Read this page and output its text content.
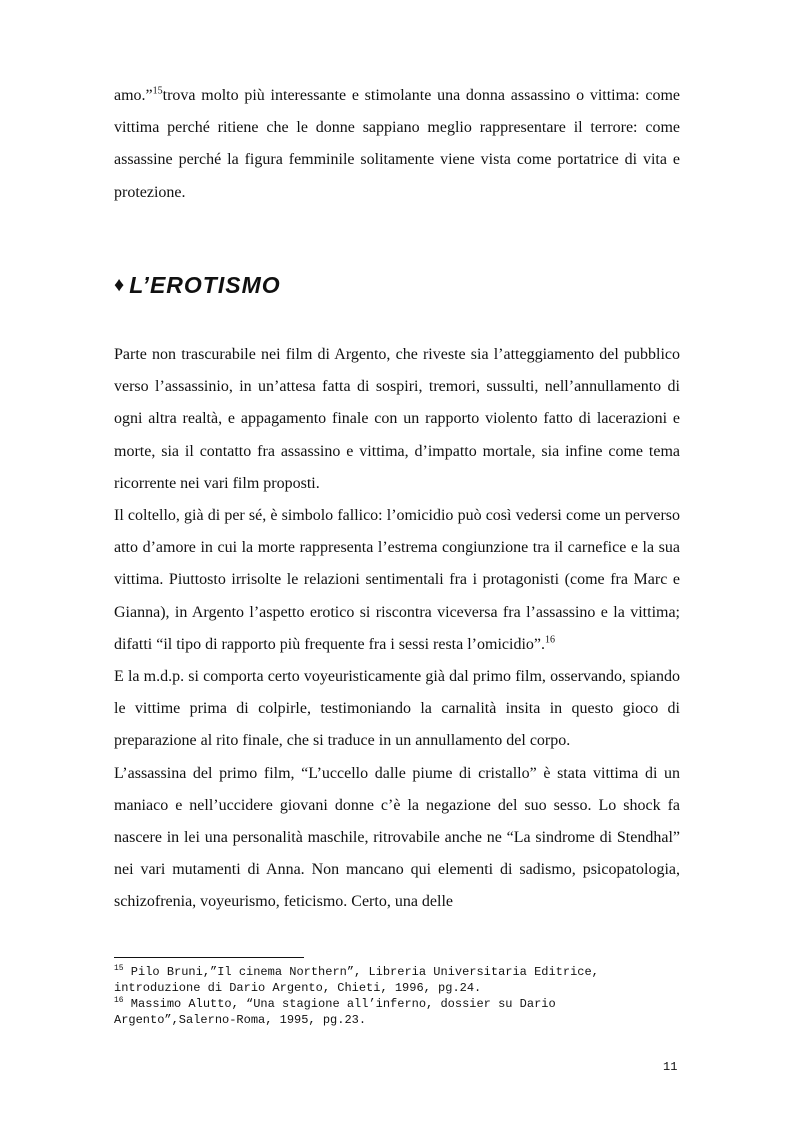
amo.”$^{15}$trova molto più interessante e stimolante una donna assassino o vittima: come vittima perché ritiene che le donne sappiano meglio rappresentare il terrore: come assassine perché la figura femminile solitamente viene vista come portatrice di vita e protezione.

♦ L’EROTISMO

Parte non trascurabile nei film di Argento, che riveste sia l’atteggiamento del pubblico verso l’assassinio, in un’attesa fatta di sospiri, tremori, sussulti, nell’annullamento di ogni altra realtà, e appagamento finale con un rapporto violento fatto di lacerazioni e morte, sia il contatto fra assassino e vittima, d’impatto mortale, sia infine come tema ricorrente nei vari film proposti.

Il coltello, già di per sé, è simbolo fallico: l’omicidio può così vedersi come un perverso atto d’amore in cui la morte rappresenta l’estrema congiunzione tra il carnefice e la sua vittima. Piuttosto irrisolte le relazioni sentimentali fra i protagonisti (come fra Marc e Gianna), in Argento l’aspetto erotico si riscontra viceversa fra l’assassino e la vittima; difatti “il tipo di rapporto più frequente fra i sessi resta l’omicidio”.$^{16}$

E la m.d.p. si comporta certo voyeuristicamente già dal primo film, osservando, spiando le vittime prima di colpirle, testimoniando la carnalità insita in questo gioco di preparazione al rito finale, che si traduce in un annullamento del corpo.

L’assassina del primo film, “L’uccello dalle piume di cristallo” è stata vittima di un maniaco e nell’uccidere giovani donne c’è la negazione del suo sesso. Lo shock fa nascere in lei una personalità maschile, ritrovabile anche ne “La sindrome di Stendhal” nei vari mutamenti di Anna. Non mancano qui elementi di sadismo, psicopatologia, schizofrenia, voyeurismo, feticismo. Certo, una delle

$^{15}$ Pilo Bruni,”Il cinema Northern”, Libreria Universitaria Editrice, introduzione di Dario Argento, Chieti, 1996, pg.24.
$^{16}$ Massimo Alutto, “Una stagione all’inferno, dossier su Dario Argento”,Salerno-Roma, 1995, pg.23.
11
